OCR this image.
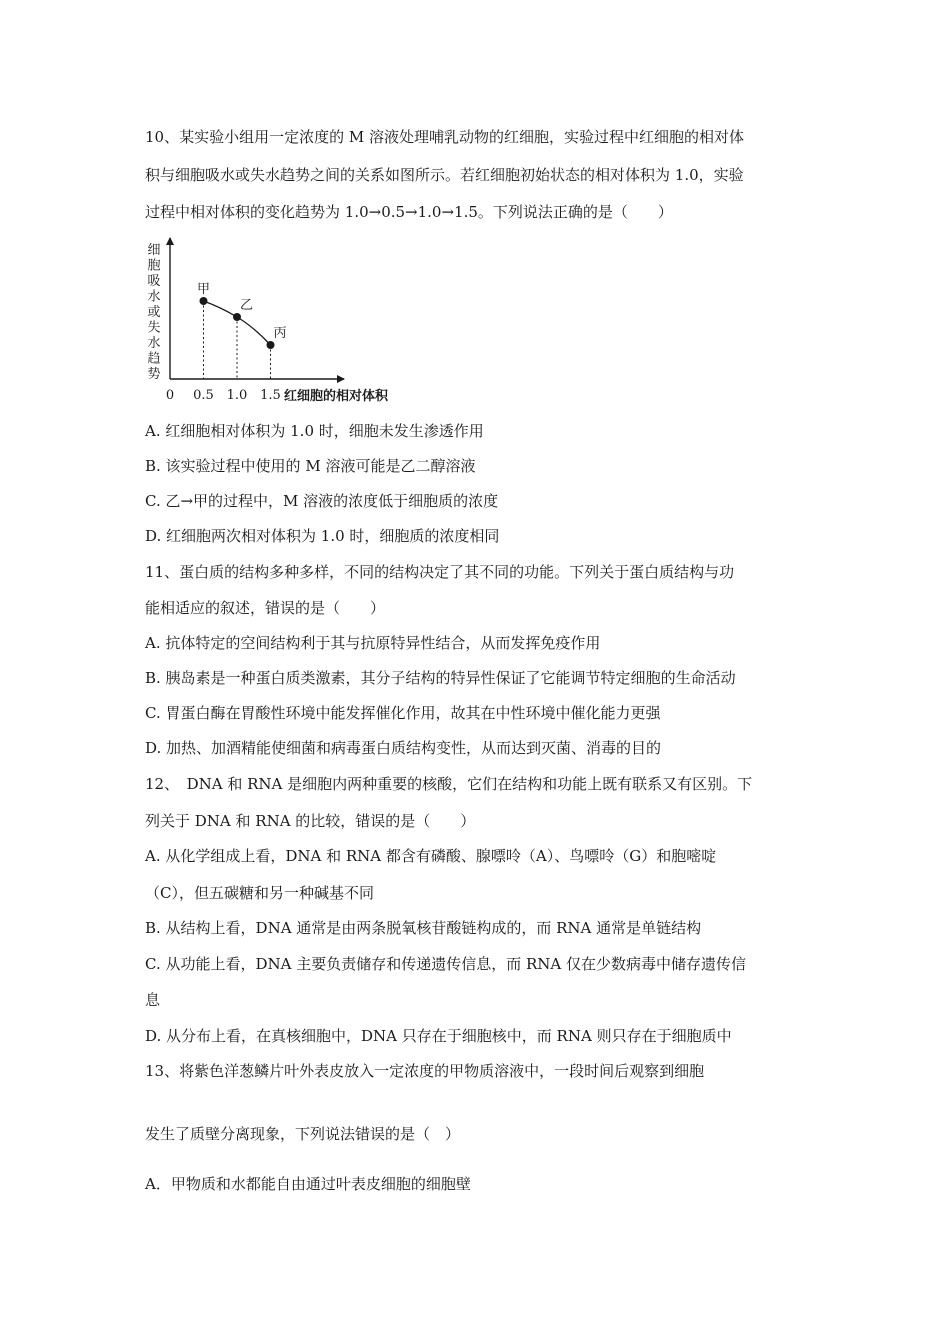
10、某实验小组用一定浓度的 M 溶液处理哺乳动物的红细胞，实验过程中红细胞的相对体
积与细胞吸水或失水趋势之间的关系如图所示。若红细胞初始状态的相对体积为 1.0，实验
过程中相对体积的变化趋势为 1.0→0.5→1.0→1.5。下列说法正确的是（　　）
细胞吸水或失水趋势
甲
乙
丙
0.5 1.0 1.5
0	红细胞的相对体积
A. 红细胞相对体积为 1.0 时，细胞未发生渗透作用
B. 该实验过程中使用的 M 溶液可能是乙二醇溶液
C. 乙→甲的过程中，M 溶液的浓度低于细胞质的浓度
D. 红细胞两次相对体积为 1.0 时，细胞质的浓度相同
11、蛋白质的结构多种多样，不同的结构决定了其不同的功能。下列关于蛋白质结构与功
能相适应的叙述，错误的是（　　）
A. 抗体特定的空间结构利于其与抗原特异性结合，从而发挥免疫作用
B. 胰岛素是一种蛋白质类激素，其分子结构的特异性保证了它能调节特定细胞的生命活动
C. 胃蛋白酶在胃酸性环境中能发挥催化作用，故其在中性环境中催化能力更强
D. 加热、加酒精能使细菌和病毒蛋白质结构变性，从而达到灭菌、消毒的目的
12、　DNA 和 RNA 是细胞内两种重要的核酸，它们在结构和功能上既有联系又有区别。下
列关于 DNA 和 RNA 的比较，错误的是（　　）
A. 从化学组成上看，DNA 和 RNA 都含有磷酸、腺嘌呤（A）、鸟嘌呤（G）和胞嘧啶
（C），但五碳糖和另一种碱基不同
B. 从结构上看，DNA 通常是由两条脱氧核苷酸链构成的，而 RNA 通常是单链结构
C. 从功能上看，DNA 主要负责储存和传递遗传信息，而 RNA 仅在少数病毒中储存遗传信
息
D. 从分布上看，在真核细胞中，DNA 只存在于细胞核中，而 RNA 则只存在于细胞质中
13、将紫色洋葱鳞片叶外表皮放入一定浓度的甲物质溶液中，一段时间后观察到细胞
发生了质壁分离现象，下列说法错误的是（　）
A．甲物质和水都能自由通过叶表皮细胞的细胞壁
